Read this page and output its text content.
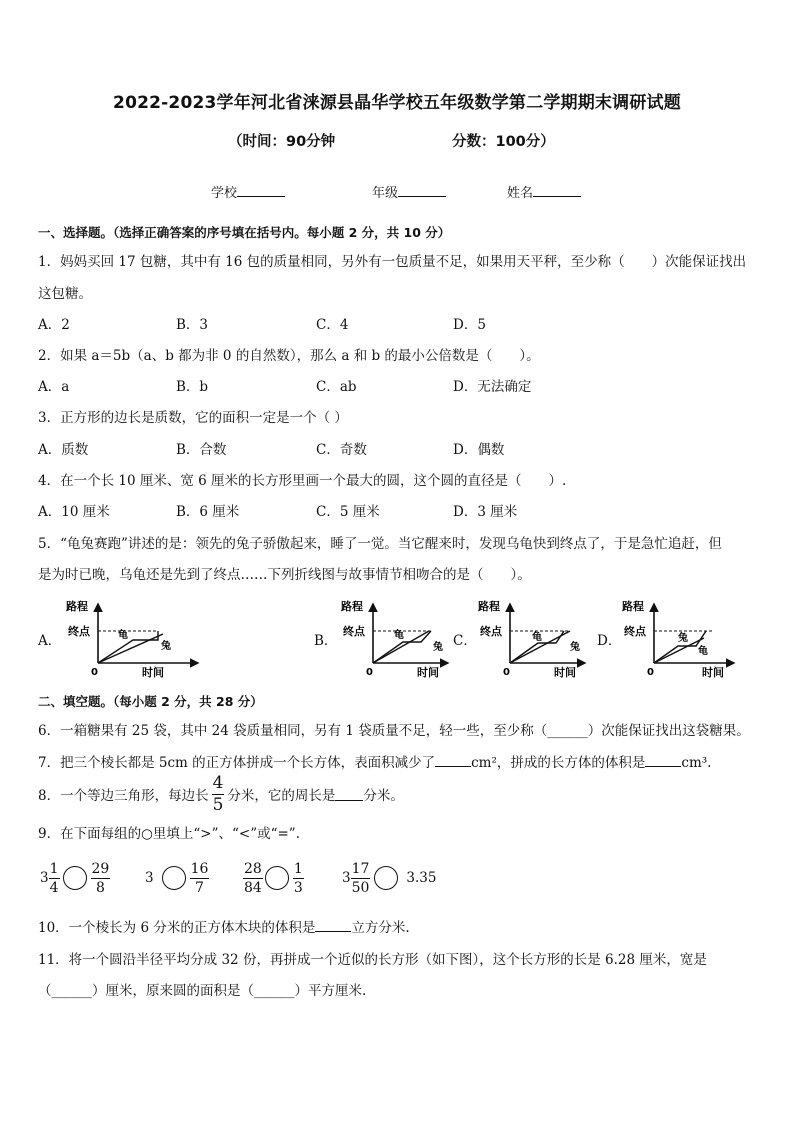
2022-2023学年河北省涞源县晶华学校五年级数学第二学期期末调研试题
（时间：90分钟	分数：100分）
学校	年级	姓名
一、选择题。（选择正确答案的序号填在括号内。每小题 2 分，共 10 分）
1．妈妈买回 17 包糖，其中有 16 包的质量相同，另外有一包质量不足，如果用天平秤，至少称（　　）次能保证找出
这包糖。
A．2	B．3	C．4	D．5
2．如果 a＝5b（a、b 都为非 0 的自然数），那么 a 和 b 的最小公倍数是（　　）。
A．a	B．b	C．ab	D．无法确定
3．正方形的边长是质数，它的面积一定是一个（ ）
A．质数	B．合数	C．奇数	D．偶数
4．在一个长 10 厘米、宽 6 厘米的长方形里画一个最大的圆，这个圆的直径是（　　）.
A．10 厘米	B．6 厘米	C．5 厘米	D．3 厘米
5．“龟兔赛跑”讲述的是：领先的兔子骄傲起来，睡了一觉。当它醒来时，发现乌龟快到终点了，于是急忙追赶，但
是为时已晚，乌龟还是先到了终点……下列折线图与故事情节相吻合的是（　　）。
A．	B．	C．	D．
路程
终点
0	时间
龟
兔
路程
终点
0	时间
龟
兔
路程
终点
0	时间
龟
兔
路程
终点
0	时间
兔
龟
二、填空题。（每小题 2 分，共 28 分）
6．一箱糖果有 25 袋，其中 24 袋质量相同，另有 1 袋质量不足，轻一些，至少称（______）次能保证找出这袋糖果。
7．把三个棱长都是 5cm 的正方体拼成一个长方体，表面积减少了	cm²，拼成的长方体的体积是	cm³.
8．一个等边三角形，每边长 $\frac{4}{5}$ 分米，它的周长是 分米。
9．在下面每组的○里填上“>”、“<”或“=”.
$3 \frac{1}{4} \frac{29}{8}$	3	$\frac{16}{7} \frac{28}{84} \frac{1}{3}$	$3 \frac{17}{50}$	3.35
10．一个棱长为 6 分米的正方体木块的体积是	立方分米.
11．将一个圆沿半径平均分成 32 份，再拼成一个近似的长方形（如下图），这个长方形的长是 6.28 厘米，宽是
（______）厘米，原来圆的面积是（______）平方厘米.
